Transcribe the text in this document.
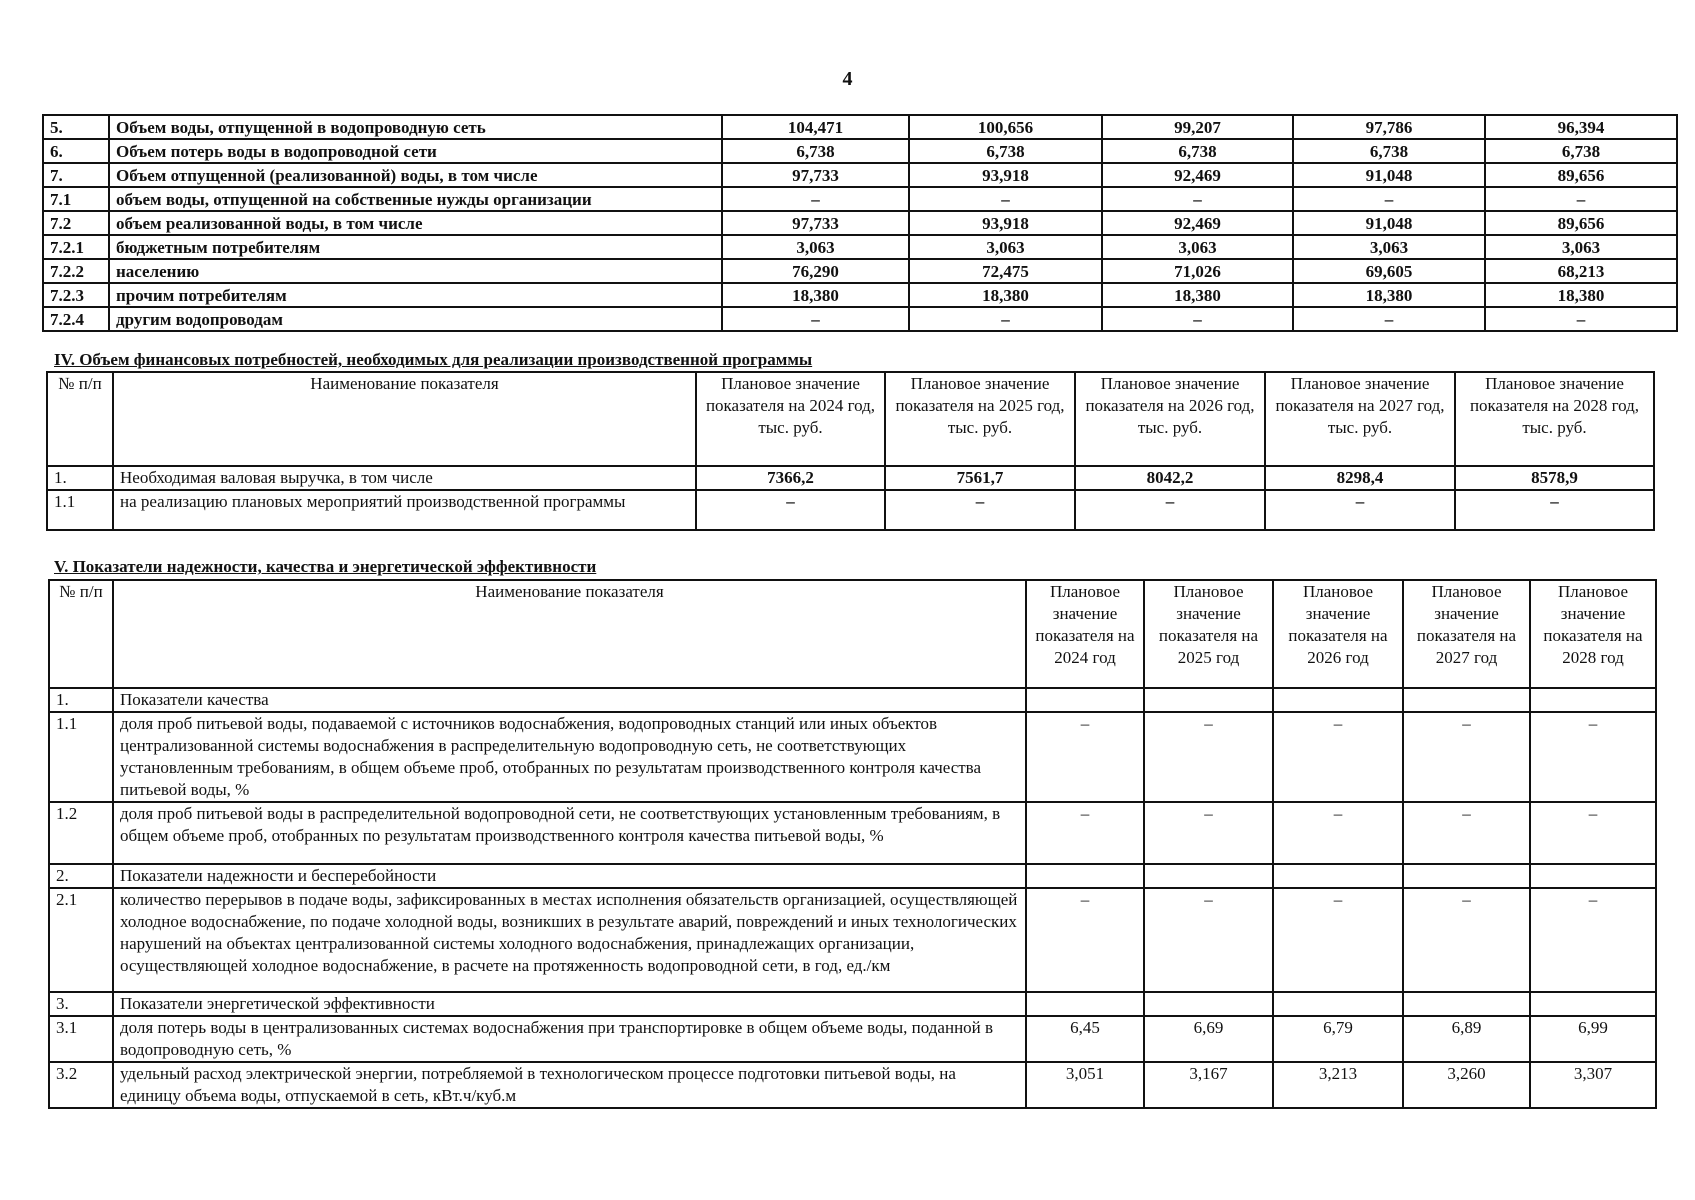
4
5.	Объем воды, отпущенной в водопроводную сеть	104,471	100,656	99,207	97,786	96,394
6.	Объем потерь воды в водопроводной сети	6,738	6,738	6,738	6,738	6,738
7.	Объем отпущенной (реализованной) воды, в том числе	97,733	93,918	92,469	91,048	89,656
7.1	объем воды, отпущенной на собственные нужды организации	–	–	–	–	–
7.2	объем реализованной воды, в том числе	97,733	93,918	92,469	91,048	89,656
7.2.1	бюджетным потребителям	3,063	3,063	3,063	3,063	3,063
7.2.2	населению	76,290	72,475	71,026	69,605	68,213
7.2.3	прочим потребителям	18,380	18,380	18,380	18,380	18,380
7.2.4	другим водопроводам	–	–	–	–	–
IV. Объем финансовых потребностей, необходимых для реализации производственной программы
№ п/п	Наименование показателя	Плановое значение показателя на 2024 год, тыс. руб.	Плановое значение показателя на 2025 год, тыс. руб.	Плановое значение показателя на 2026 год, тыс. руб.	Плановое значение показателя на 2027 год, тыс. руб.	Плановое значение показателя на 2028 год, тыс. руб.
1.	Необходимая валовая выручка, в том числе	7366,2	7561,7	8042,2	8298,4	8578,9
1.1	на реализацию плановых мероприятий производственной программы	–	–	–	–	–
V. Показатели надежности, качества и энергетической эффективности
№ п/п	Наименование показателя	Плановое значение показателя на 2024 год	Плановое значение показателя на 2025 год	Плановое значение показателя на 2026 год	Плановое значение показателя на 2027 год	Плановое значение показателя на 2028 год
1.	Показатели качества					
1.1	доля проб питьевой воды, подаваемой с источников водоснабжения, водопроводных станций или иных объектов централизованной системы водоснабжения в распределительную водопроводную сеть, не соответствующих установленным требованиям, в общем объеме проб, отобранных по результатам производственного контроля качества питьевой воды, %	–	–	–	–	–
1.2	доля проб питьевой воды в распределительной водопроводной сети, не соответствующих установленным требованиям, в общем объеме проб, отобранных по результатам производственного контроля качества питьевой воды, %	–	–	–	–	–
2.	Показатели надежности и бесперебойности					
2.1	количество перерывов в подаче воды, зафиксированных в местах исполнения обязательств организацией, осуществляющей холодное водоснабжение, по подаче холодной воды, возникших в результате аварий, повреждений и иных технологических нарушений на объектах централизованной системы холодного водоснабжения, принадлежащих организации, осуществляющей холодное водоснабжение, в расчете на протяженность водопроводной сети, в год, ед./км	–	–	–	–	–
3.	Показатели энергетической эффективности					
3.1	доля потерь воды в централизованных системах водоснабжения при транспортировке в общем объеме воды, поданной в водопроводную сеть, %	6,45	6,69	6,79	6,89	6,99
3.2	удельный расход электрической энергии, потребляемой в технологическом процессе подготовки питьевой воды, на единицу объема воды, отпускаемой в сеть, кВт.ч/куб.м	3,051	3,167	3,213	3,260	3,307
